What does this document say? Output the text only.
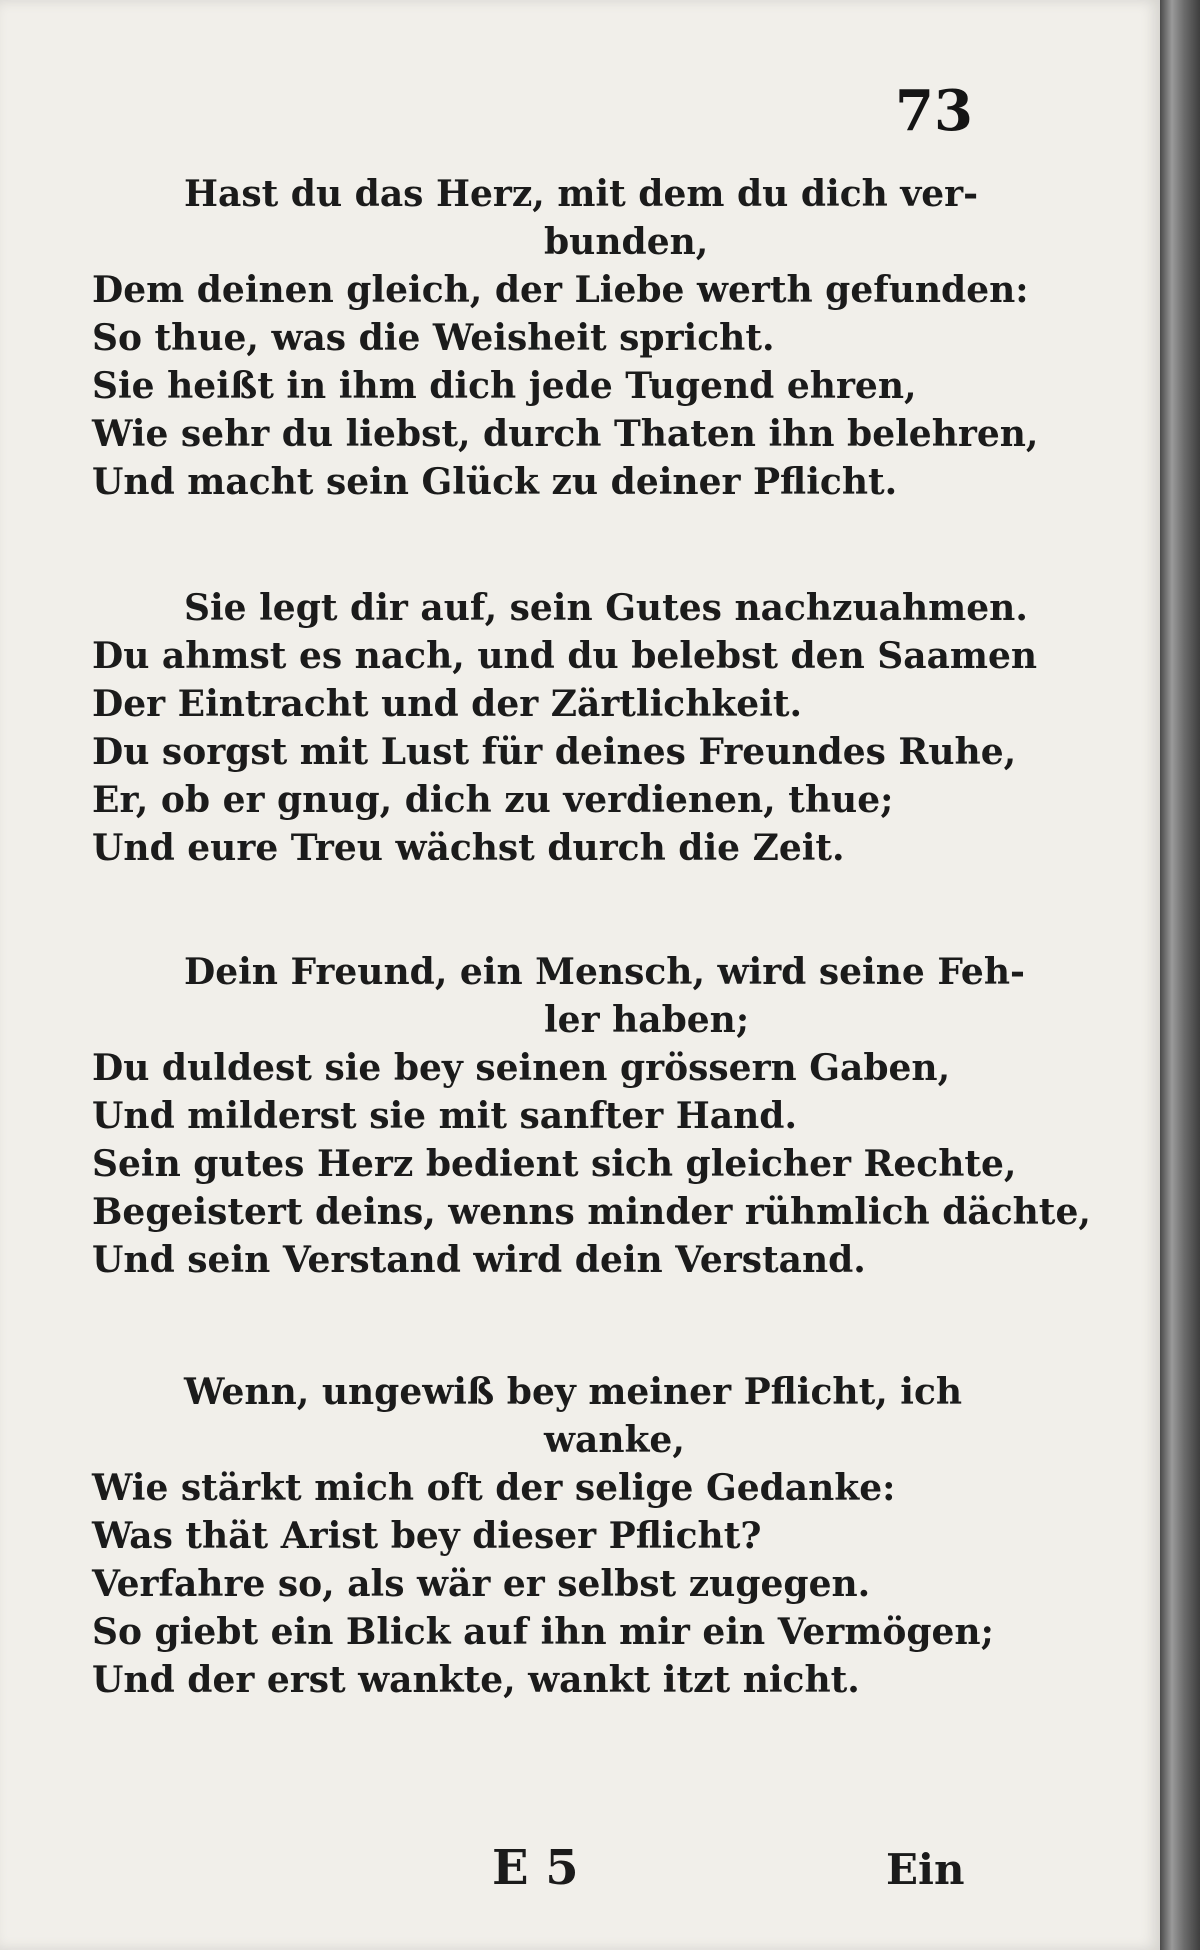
73
Hast du das Herz, mit dem du dich ver-
bunden,
Dem deinen gleich, der Liebe werth gefunden:
So thue, was die Weisheit spricht.
Sie heißt in ihm dich jede Tugend ehren,
Wie sehr du liebst, durch Thaten ihn belehren,
Und macht sein Glück zu deiner Pflicht.
Sie legt dir auf, sein Gutes nachzuahmen.
Du ahmst es nach, und du belebst den Saamen
Der Eintracht und der Zärtlichkeit.
Du sorgst mit Lust für deines Freundes Ruhe,
Er, ob er gnug, dich zu verdienen, thue;
Und eure Treu wächst durch die Zeit.
Dein Freund, ein Mensch, wird seine Feh-
ler haben;
Du duldest sie bey seinen grössern Gaben,
Und milderst sie mit sanfter Hand.
Sein gutes Herz bedient sich gleicher Rechte,
Begeistert deins, wenns minder rühmlich dächte,
Und sein Verstand wird dein Verstand.
Wenn, ungewiß bey meiner Pflicht, ich
wanke,
Wie stärkt mich oft der selige Gedanke:
Was thät Arist bey dieser Pflicht?
Verfahre so, als wär er selbst zugegen.
So giebt ein Blick auf ihn mir ein Vermögen;
Und der erst wankte, wankt itzt nicht.
E 5	Ein
